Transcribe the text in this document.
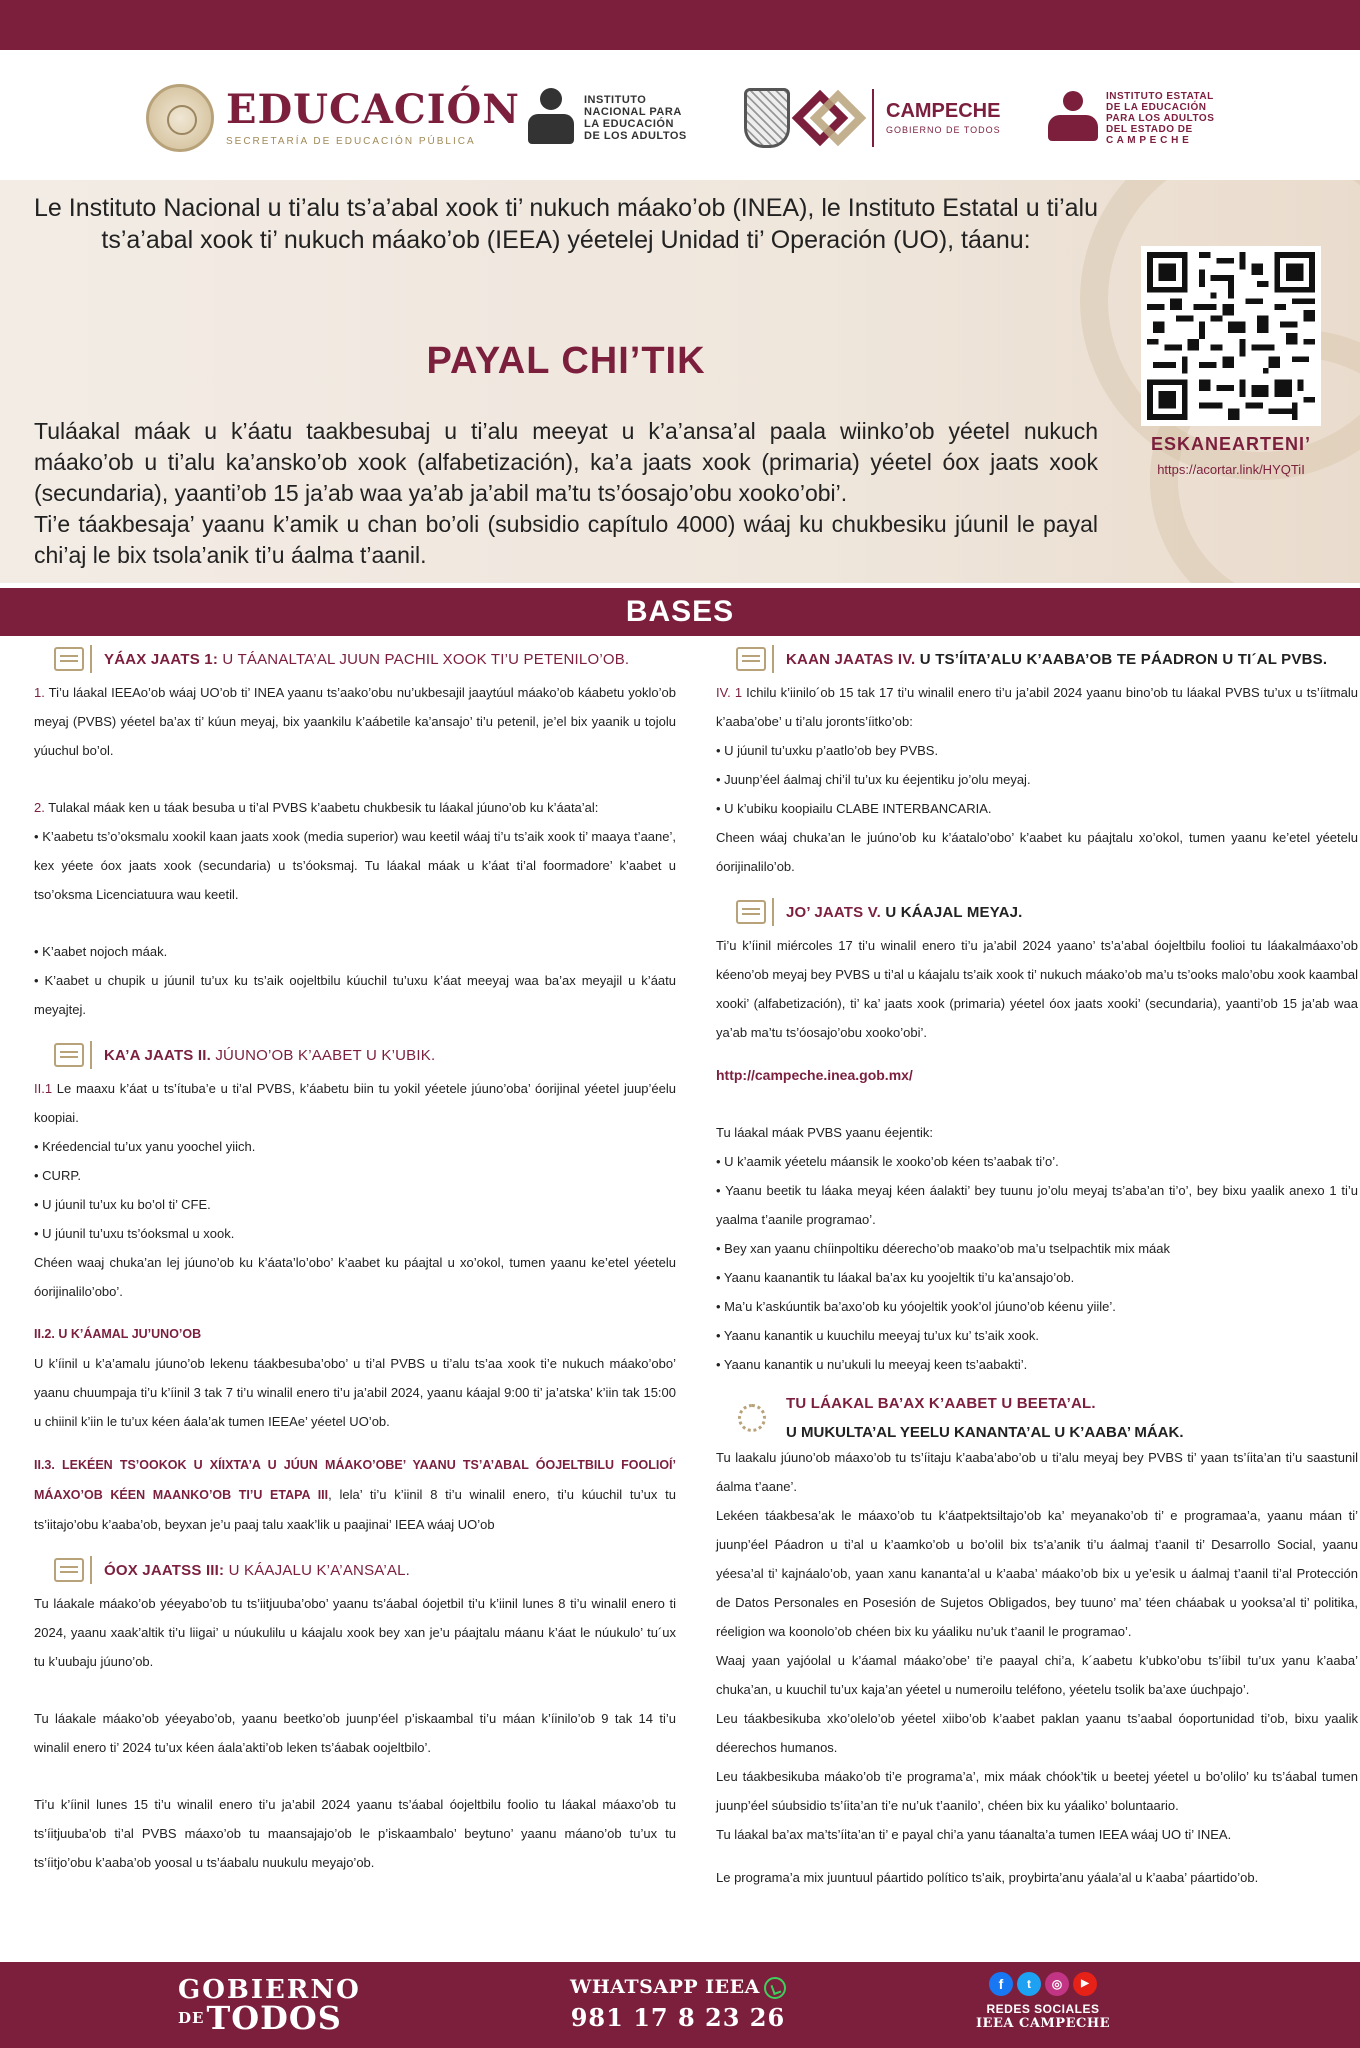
EDUCACIÓN
SECRETARÍA DE EDUCACIÓN PÚBLICA
INSTITUTO
NACIONAL PARA
LA EDUCACIÓN
DE LOS ADULTOS
CAMPECHE
GOBIERNO DE TODOS
INSTITUTO ESTATAL
DE LA EDUCACIÓN
PARA LOS ADULTOS
DEL ESTADO DE
C A M P E C H E
Le Instituto Nacional u ti’alu ts’a’abal xook ti’ nukuch máako’ob (INEA), le Instituto Estatal u ti’alu ts’a’abal xook ti’ nukuch máako’ob (IEEA) yéetelej Unidad ti’ Operación (UO), táanu:
PAYAL CHI’TIK
Tuláakal máak u k’áatu taakbesubaj u ti’alu meeyat u k’a’ansa’al paala wiinko’ob yéetel nukuch máako’ob u ti’alu ka’ansko’ob xook (alfabetización), ka’a jaats xook (primaria) yéetel óox jaats xook (secundaria), yaanti’ob 15 ja’ab waa ya’ab ja’abil ma’tu ts’óosajo’obu xooko’obi’.
Ti’e táakbesaja’ yaanu k’amik u chan bo’oli (subsidio capítulo 4000) wáaj ku chukbesiku júunil le payal chi’aj le bix tsola’anik ti’u áalma t’aanil.
ESKANEARTENI’
https://acortar.link/HYQTiI
BASES
YÁAX JAATS 1: U TÁANALTA’AL JUUN PACHIL XOOK TI’U PETENILO’OB.

1. Ti’u láakal IEEAo’ob wáaj UO’ob ti’ INEA yaanu ts’aako’obu nu’ukbesajil jaaytúul máako’ob káabetu yoklo’ob meyaj (PVBS) yéetel ba’ax ti’ kúun meyaj, bix yaankilu k’aábetile ka’ansajo’ ti’u petenil, je’el bix yaanik u tojolu yúuchul bo’ol.

2. Tulakal máak ken u táak besuba u ti’al PVBS k’aabetu chukbesik tu láakal júuno’ob ku k’áata’al:

• K’aabetu ts’o’oksmalu xookil kaan jaats xook (media superior) wau keetil wáaj ti’u ts’aik xook ti’ maaya t’aane’, kex yéete óox jaats xook (secundaria) u ts’óoksmaj. Tu láakal máak u k’áat ti’al foormadore’ k’aabet u tso’oksma Licenciatuura wau keetil.

• K’aabet nojoch máak.

• K’aabet u chupik u júunil tu’ux ku ts’aik oojeltbilu kúuchil tu’uxu k’áat meeyaj waa ba’ax meyajil u k’áatu meyajtej.

KA’A JAATS II. JÚUNO’OB K’AABET U K’UBIK.

II.1 Le maaxu k’áat u ts’ítuba’e u ti’al PVBS, k’áabetu biin tu yokil yéetele júuno’oba’ óorijinal yéetel juup’éelu koopiai.

• Kréedencial tu’ux yanu yoochel yiich.

• CURP.

• U júunil tu’ux ku bo’ol ti’ CFE.

• U júunil tu’uxu ts’óoksmal u xook.

Chéen waaj chuka’an lej júuno’ob ku k’áata’lo’obo’ k’aabet ku páajtal u xo’okol, tumen yaanu ke’etel yéetelu óorijinalilo’obo’.

II.2. U K’ÁAMAL JU’UNO’OB

U k’íinil u k’a’amalu júuno’ob lekenu táakbesuba’obo’ u ti’al PVBS u ti’alu ts’aa xook ti’e nukuch máako’obo’ yaanu chuumpaja ti’u k’íinil 3 tak 7 ti’u winalil enero ti’u ja’abil 2024, yaanu káajal 9:00 ti’ ja’atska’ k’iin tak 15:00 u chiinil k’iin le tu’ux kéen áala’ak tumen IEEAe’ yéetel UO’ob.

II.3. LEKÉEN TS’OOKOK U XÍIXTA’A U JÚUN MÁAKO’OBE’ YAANU TS’A’ABAL ÓOJELTBILU FOOLIOÍ’ MÁAXO’OB KÉEN MAANKO’OB TI’U ETAPA III, lela’ ti’u k’iinil 8 ti’u winalil enero, ti’u kúuchil tu’ux tu ts’iitajo’obu k’aaba’ob, beyxan je’u paaj talu xaak’lik u paajinai’ IEEA wáaj UO’ob

ÓOX JAATSS III: U KÁAJALU K’A’ANSA’AL.

Tu láakale máako’ob yéeyabo’ob tu ts’iitjuuba’obo’ yaanu ts’áabal óojetbil ti’u k’iinil lunes 8 ti’u winalil enero ti 2024, yaanu xaak’altik ti’u liigai’ u núukulilu u káajalu xook bey xan je’u páajtalu máanu k’áat le núukulo’ tu´ux tu k’uubaju júuno’ob.

Tu láakale máako’ob yéeyabo’ob, yaanu beetko’ob juunp’éel p’iskaambal ti’u máan k’íinilo’ob 9 tak 14 ti’u winalil enero ti’ 2024 tu’ux kéen áala’akti’ob leken ts’áabak oojeltbilo’.

Ti’u k’íinil lunes 15 ti’u winalil enero ti’u ja’abil 2024 yaanu ts’áabal óojeltbilu foolio tu láakal máaxo’ob tu ts’íitjuuba’ob ti’al PVBS máaxo’ob tu maansajajo’ob le p’iskaambalo’ beytuno’ yaanu máano’ob tu’ux tu ts’íitjo’obu k’aaba’ob yoosal u ts’áabalu nuukulu meyajo’ob.

KAAN JAATAS IV. U TS’ÍITA’ALU K’AABA’OB TE PÁADRON U TI´AL PVBS.

IV. 1 Ichilu k’iinilo´ob 15 tak 17 ti’u winalil enero ti’u ja’abil 2024 yaanu bino’ob tu láakal PVBS tu’ux u ts’íitmalu k’aaba’obe’ u ti’alu joronts’íitko’ob:

• U júunil tu’uxku p’aatlo’ob bey PVBS.

• Juunp’éel áalmaj chi’il tu’ux ku éejentiku jo’olu meyaj.

• U k’ubiku koopiailu CLABE INTERBANCARIA.

Cheen wáaj chuka’an le juúno’ob ku k’áatalo’obo’ k’aabet ku páajtalu xo’okol, tumen yaanu ke’etel yéetelu óorijinalilo’ob.

JO’ JAATS V. U KÁAJAL MEYAJ.

Ti’u k’íinil miércoles 17 ti’u winalil enero ti’u ja’abil 2024 yaano’ ts’a’abal óojeltbilu foolioi tu láakalmáaxo’ob kéeno’ob meyaj bey PVBS u ti’al u káajalu ts’aik xook ti’ nukuch máako’ob ma’u ts’ooks malo’obu xook kaambal xooki’ (alfabetización), ti’ ka’ jaats xook (primaria) yéetel óox jaats xooki’ (secundaria), yaanti’ob 15 ja’ab waa ya’ab ma’tu ts’óosajo’obu xooko’obi’.

http://campeche.inea.gob.mx/

Tu láakal máak PVBS yaanu éejentik:

• U k’aamik yéetelu máansik le xooko’ob kéen ts’aabak ti’o’.

• Yaanu beetik tu láaka meyaj kéen áalakti’ bey tuunu jo’olu meyaj ts’aba’an ti’o’, bey bixu yaalik anexo 1 ti’u yaalma t’aanile programao’.

• Bey xan yaanu chíinpoltiku déerecho’ob maako’ob ma’u tselpachtik mix máak

• Yaanu kaanantik tu láakal ba’ax ku yoojeltik ti’u ka’ansajo’ob.

• Ma’u k’askúuntik ba’axo’ob ku yóojeltik yook’ol júuno’ob kéenu yiile’.

• Yaanu kanantik u kuuchilu meeyaj tu’ux ku’ ts’aik xook.

• Yaanu kanantik u nu’ukuli lu meeyaj keen ts’aabakti’.

TU LÁAKAL BA’AX K’AABET U BEETA’AL.
U MUKULTA’AL YEELU KANANTA’AL U K’AABA’ MÁAK.

Tu laakalu júuno’ob máaxo’ob tu ts’íitaju k’aaba’abo’ob u ti’alu meyaj bey PVBS ti’ yaan ts’íita’an ti’u saastunil áalma t’aane’.

Lekéen táakbesa’ak le máaxo’ob tu k’áatpektsiltajo’ob ka’ meyanako’ob ti’ e programaa’a, yaanu máan ti’ juunp’éel Páadron u ti’al u k’aamko’ob u bo’olil bix ts’a’anik ti’u áalmaj t’aanil ti’ Desarrollo Social, yaanu yéesa’al ti’ kajnáalo’ob, yaan xanu kananta’al u k’aaba’ máako’ob bix u ye’esik u áalmaj t’aanil ti’al Protección de Datos Personales en Posesión de Sujetos Obligados, bey tuuno’ ma’ téen cháabak u yooksa’al ti’ politika, réeligion wa koonolo’ob chéen bix ku yáaliku nu’uk t’aanil le programao’.

Waaj yaan yajóolal u k’áamal máako’obe’ ti’e paayal chi’a, k´aabetu k’ubko’obu ts’íibil tu’ux yanu k’aaba’ chuka’an, u kuuchil tu’ux kaja’an yéetel u numeroilu teléfono, yéetelu tsolik ba’axe úuchpajo’.

Leu táakbesikuba xko’olelo’ob yéetel xiibo’ob k’aabet paklan yaanu ts’aabal óoportunidad ti’ob, bixu yaalik déerechos humanos.

Leu táakbesikuba máako’ob ti’e programa’a’, mix máak chóok’tik u beetej yéetel u bo’olilo’ ku ts’áabal tumen juunp’éel súubsidio ts’íita’an ti’e nu’uk t’aanilo’, chéen bix ku yáaliko’ boluntaario.

Tu láakal ba’ax ma’ts’íita’an ti’ e payal chi’a yanu táanalta’a tumen IEEA wáaj UO ti’ INEA.

Le programa’a mix juuntuul páartido político ts’aik, proybirta’anu yáala’al u k’aaba’ páartido’ob.

GOBIERNO
$^{DE}$TODOS
WHATSAPP IEEA
981 17 8 23 26
f	t	◎	▶
REDES SOCIALES
IEEA CAMPECHE
